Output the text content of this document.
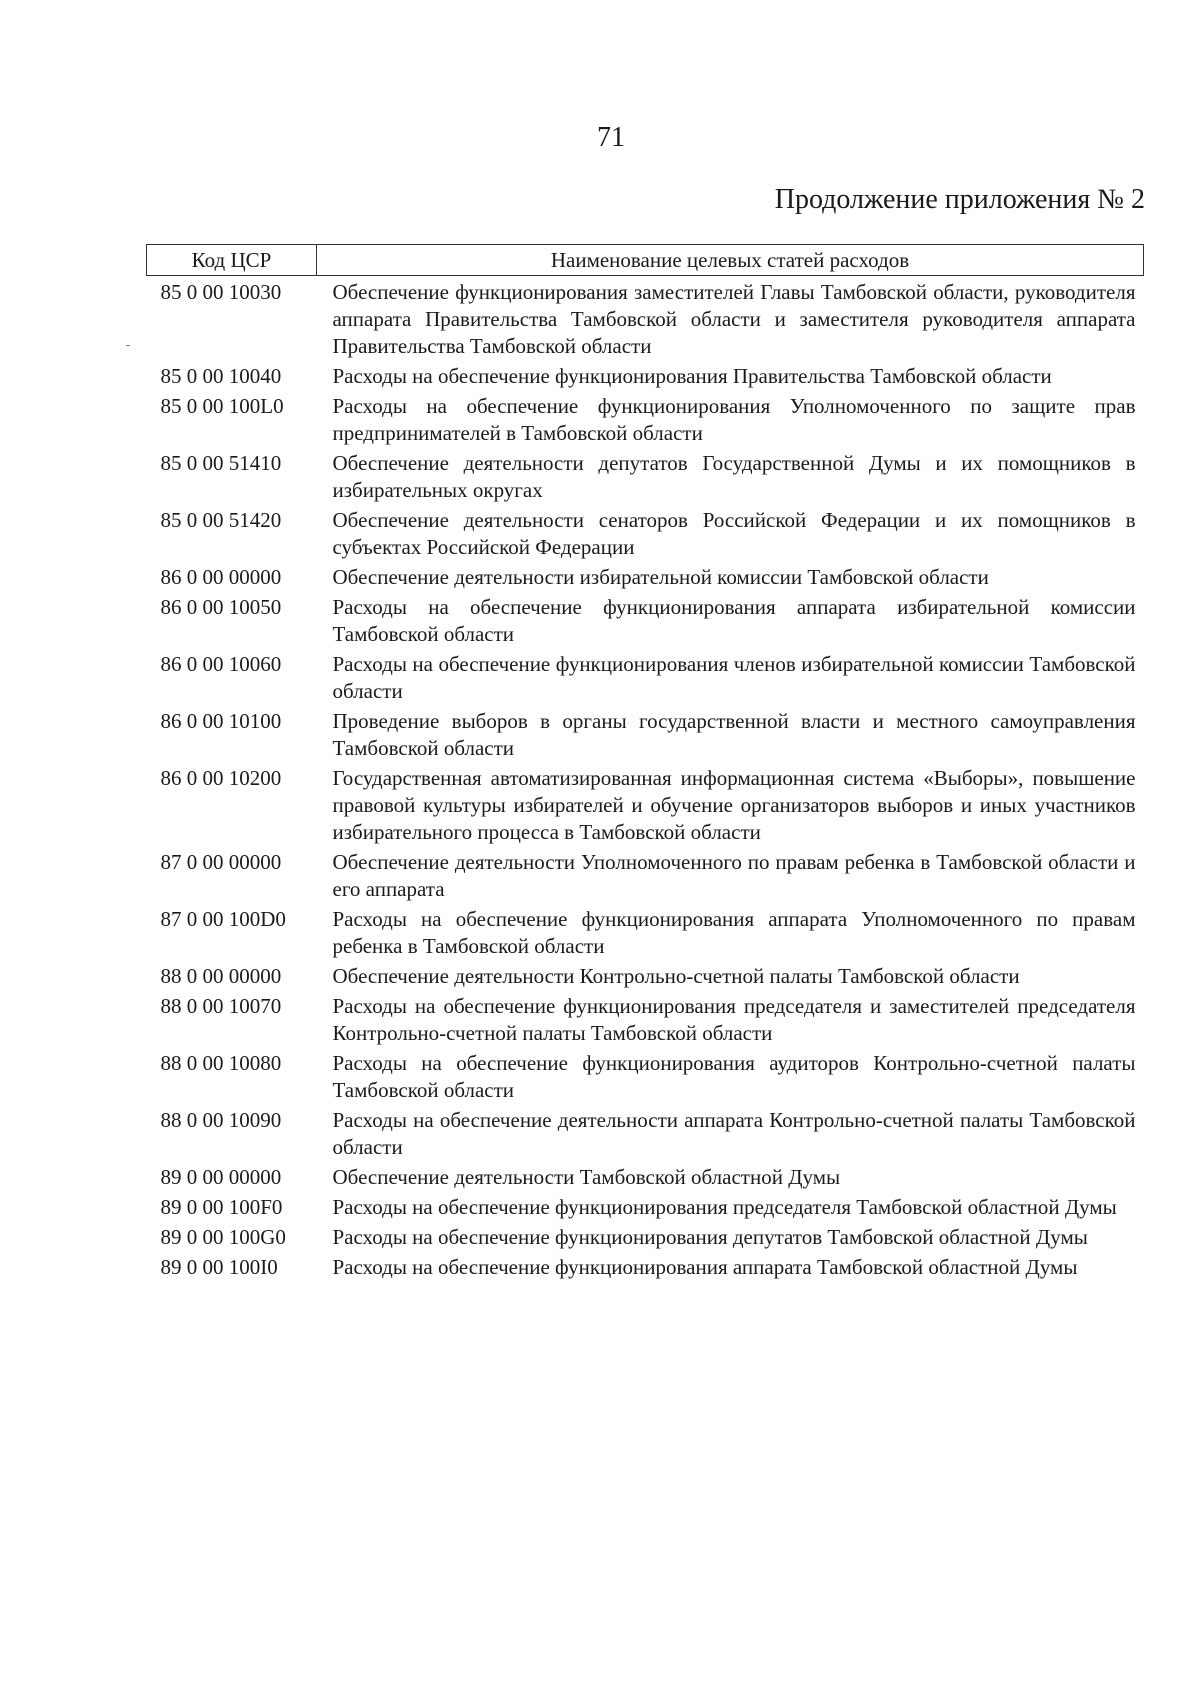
71
Продолжение приложения № 2
Код ЦСР	Наименование целевых статей расходов
85 0 00 10030	Обеспечение функционирования заместителей Главы Тамбовской области, руководителя аппарата Правительства Тамбовской области и заместителя руководителя аппарата Правительства Тамбовской области
85 0 00 10040	Расходы на обеспечение функционирования Правительства Тамбовской области
85 0 00 100L0	Расходы на обеспечение функционирования Уполномоченного по защите прав предпринимателей в Тамбовской области
85 0 00 51410	Обеспечение деятельности депутатов Государственной Думы и их помощников в избирательных округах
85 0 00 51420	Обеспечение деятельности сенаторов Российской Федерации и их помощников в субъектах Российской Федерации
86 0 00 00000	Обеспечение деятельности избирательной комиссии Тамбовской области
86 0 00 10050	Расходы на обеспечение функционирования аппарата избирательной комиссии Тамбовской области
86 0 00 10060	Расходы на обеспечение функционирования членов избирательной комиссии Тамбовской области
86 0 00 10100	Проведение выборов в органы государственной власти и местного самоуправления Тамбовской области
86 0 00 10200	Государственная автоматизированная информационная система «Выборы», повышение правовой культуры избирателей и обучение организаторов выборов и иных участников избирательного процесса в Тамбовской области
87 0 00 00000	Обеспечение деятельности Уполномоченного по правам ребенка в Тамбовской области и его аппарата
87 0 00 100D0	Расходы на обеспечение функционирования аппарата Уполномоченного по правам ребенка в Тамбовской области
88 0 00 00000	Обеспечение деятельности Контрольно-счетной палаты Тамбовской области
88 0 00 10070	Расходы на обеспечение функционирования председателя и заместителей председателя Контрольно-счетной палаты Тамбовской области
88 0 00 10080	Расходы на обеспечение функционирования аудиторов Контрольно-счетной палаты Тамбовской области
88 0 00 10090	Расходы на обеспечение деятельности аппарата Контрольно-счетной палаты Тамбовской области
89 0 00 00000	Обеспечение деятельности Тамбовской областной Думы
89 0 00 100F0	Расходы на обеспечение функционирования председателя Тамбовской областной Думы
89 0 00 100G0	Расходы на обеспечение функционирования депутатов Тамбовской областной Думы
89 0 00 100I0	Расходы на обеспечение функционирования аппарата Тамбовской областной Думы
